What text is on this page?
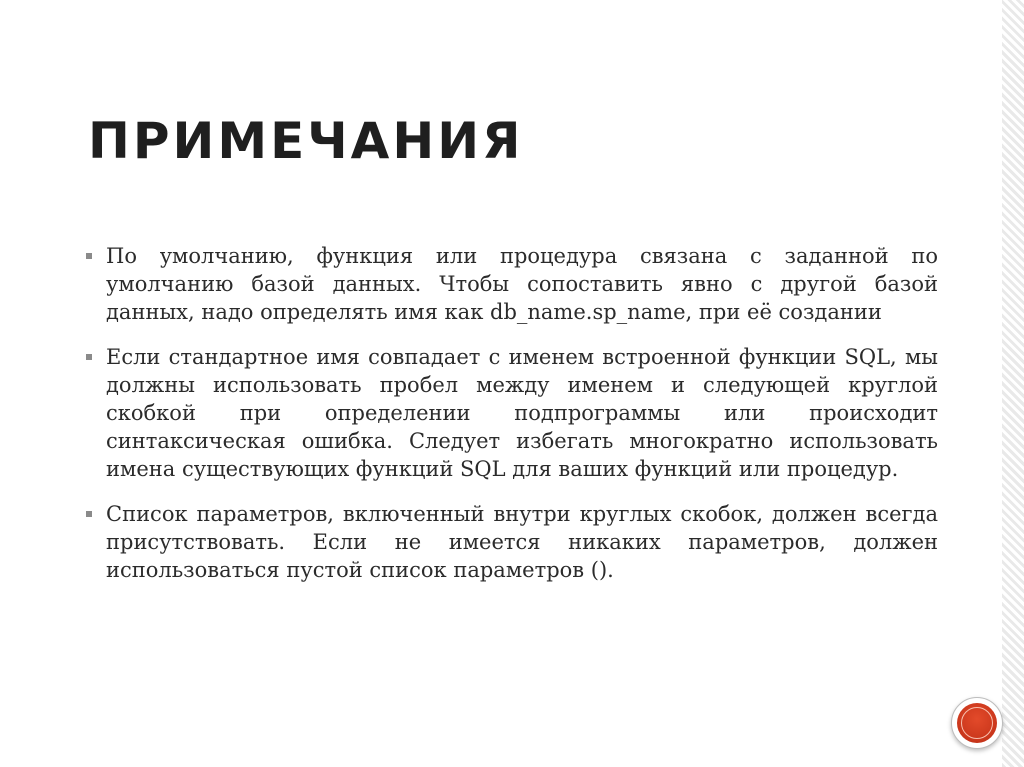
ПРИМЕЧАНИЯ
По умолчанию, функция или процедура связана с заданной по умолчанию базой данных. Чтобы сопоставить явно с другой базой данных, надо определять имя как db_name.sp_name, при её создании
Если стандартное имя совпадает с именем встроенной функции SQL, мы должны использовать пробел между именем и следующей круглой скобкой при определении подпрограммы или происходит синтаксическая ошибка. Следует избегать многократно использовать имена существующих функций SQL для ваших функций или процедур.
Список параметров, включенный внутри круглых скобок, должен всегда присутствовать. Если не имеется никаких параметров, должен использоваться пустой список параметров ().
